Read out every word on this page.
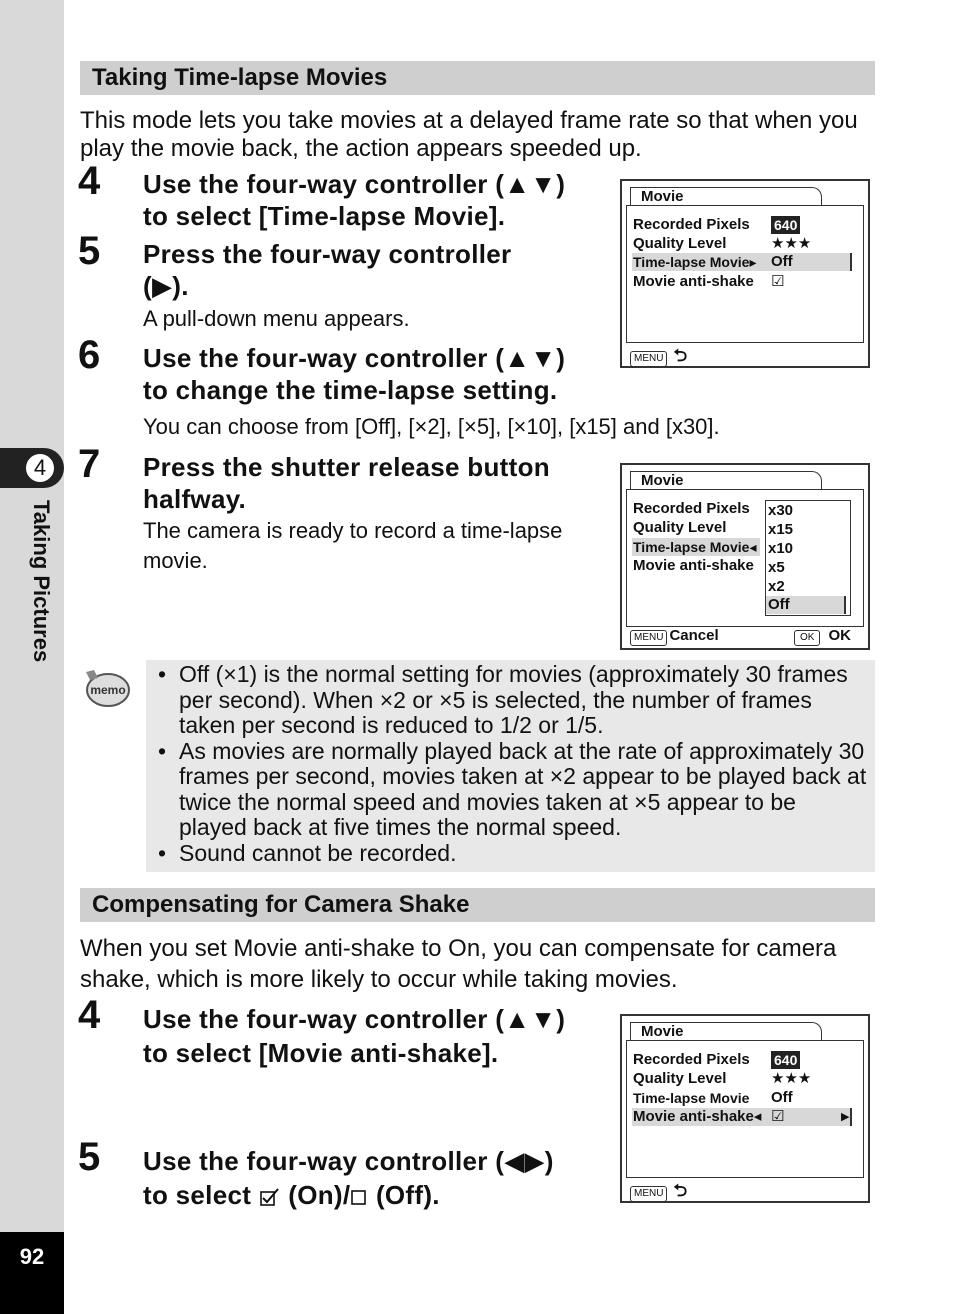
4
Taking Pictures
92
Taking Time-lapse Movies
This mode lets you take movies at a delayed frame rate so that when you play the movie back, the action appears speeded up.
4 Use the four-way controller (▲▼)
to select [Time-lapse Movie].
5 Press the four-way controller
(▶).
A pull-down menu appears.
6 Use the four-way controller (▲▼)
to change the time-lapse setting.
You can choose from [Off], [×2], [×5], [×10], [x15] and [x30].
7 Press the shutter release button
halfway.
The camera is ready to record a time-lapse
movie.
Movie
Recorded Pixels 640
Quality Level	★★★
Time-lapse Movie▸ Off
Movie anti-shake ☑
MENU ⮌
Movie
Recorded Pixels
Quality Level
Time-lapse Movie◂
Movie anti-shake
x30
x15
x10
x5
x2
Off
MENU Cancel	OK OK
memo
• Off (×1) is the normal setting for movies (approximately 30 frames per second). When ×2 or ×5 is selected, the number of frames taken per second is reduced to 1/2 or 1/5.
• As movies are normally played back at the rate of approximately 30 frames per second, movies taken at ×2 appear to be played back at twice the normal speed and movies taken at ×5 appear to be played back at five times the normal speed.
• Sound cannot be recorded.
Compensating for Camera Shake
When you set Movie anti-shake to On, you can compensate for camera
shake, which is more likely to occur while taking movies.
4 Use the four-way controller (▲▼)
to select [Movie anti-shake].
5 Use the four-way controller (◀▶)
to select (On)/ (Off).
Movie
Recorded Pixels 640
Quality Level	★★★
Time-lapse Movie Off
Movie anti-shake◂ ☑	▶
MENU ⮌
